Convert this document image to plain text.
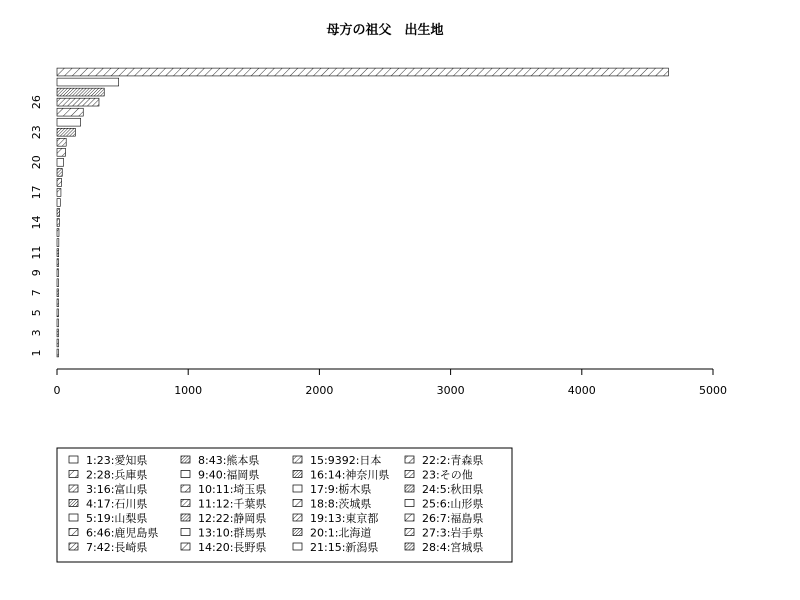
母方の祖父　出生地
0	1000	2000	3000	4000	5000
1
3
5
7
9
11
14
17
20
23
26
1:23:愛知県
2:28:兵庫県
3:16:富山県
4:17:石川県
5:19:山梨県
6:46:鹿児島県
7:42:長崎県
8:43:熊本県
9:40:福岡県
10:11:埼玉県
11:12:千葉県
12:22:静岡県
13:10:群馬県
14:20:長野県
15:9392:日本
16:14:神奈川県
17:9:栃木県
18:8:茨城県
19:13:東京都
20:1:北海道
21:15:新潟県
22:2:青森県
23:その他
24:5:秋田県
25:6:山形県
26:7:福島県
27:3:岩手県
28:4:宮城県
